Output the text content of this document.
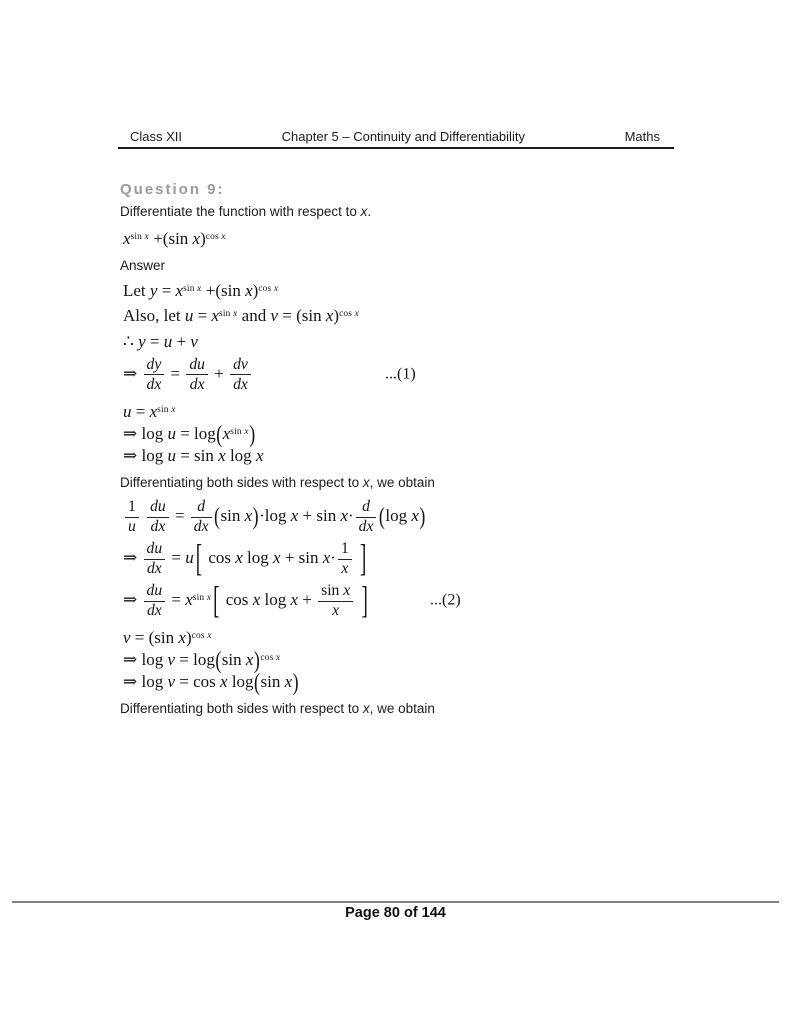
Class XII	Chapter 5 – Continuity and Differentiability	Maths
Question 9:
Differentiate the function with respect to x.
$x^{sin x} +(\sin$ x)$^{cos x}$
Answer
Let $y = x^{sin x} +(\sin$ x)$^{cos x}$
Also, let $u = x^{sin x}$ and v = (sin x)$^{cos x}$
∴ y = u + v
⇒ $\frac{dy}{dx} = \frac{du}{dx} + \frac{dv}{dx}$	...(1)
$u = x^{sin x}$
⇒ $\log u = \log(x^{sin x})$
⇒ log u = sin x log x
Differentiating both sides with respect to x, we obtain
$\frac{1}{u}$
$\frac{du}{dx} = \frac{d}{dx} (\sin$ x)·log $x + \sin x\cdot \frac{d}{dx} (\log$ x)
⇒ $\frac{du}{dx} = u$ [ cos x $\log x + \sin x\cdot \frac{1}{x}$ ]
⇒ $\frac{du}{dx} = x^{sin x}$ [ cos x $\log x + \frac{\text{sin x}}{x}$ ]	...(2)
v = (sin x)$^{cos x}$
⇒ log v = log(sin x)$^{cos x}$
⇒ log v = cos x log(sin x)
Differentiating both sides with respect to x, we obtain
Page 80 of 144
